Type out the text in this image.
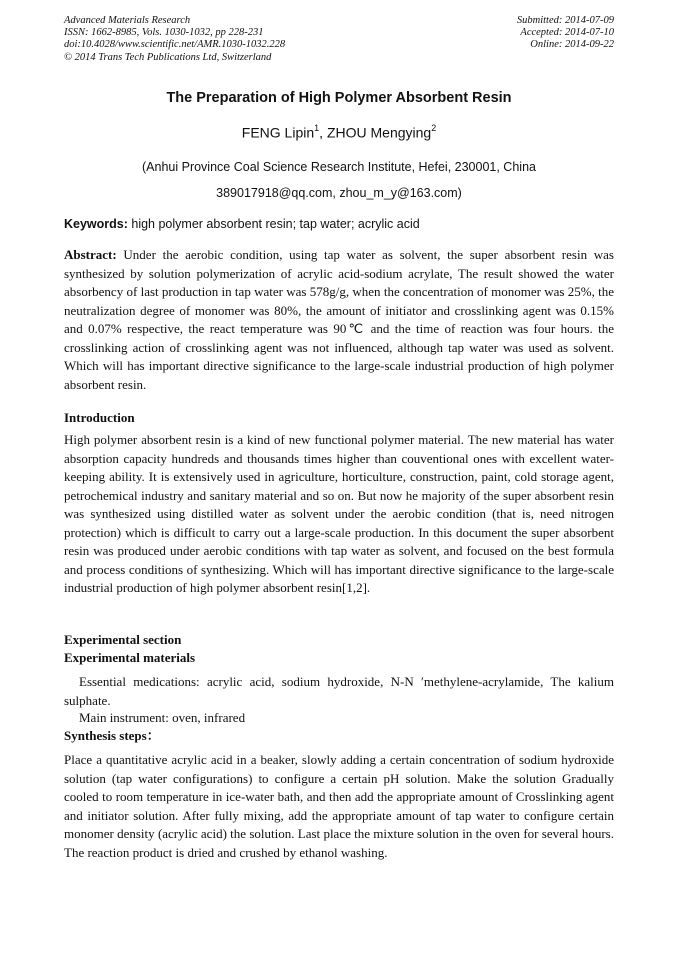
Advanced Materials Research
ISSN: 1662-8985, Vols. 1030-1032, pp 228-231
doi:10.4028/www.scientific.net/AMR.1030-1032.228
© 2014 Trans Tech Publications Ltd, Switzerland
Submitted: 2014-07-09
Accepted: 2014-07-10
Online: 2014-09-22
The Preparation of High Polymer Absorbent Resin
FENG Lipin$^1$, ZHOU Mengying$^2$
(Anhui Province Coal Science Research Institute, Hefei, 230001, China
389017918@qq.com, zhou_m_y@163.com)
Keywords: high polymer absorbent resin; tap water; acrylic acid
Abstract: Under the aerobic condition, using tap water as solvent, the super absorbent resin was synthesized by solution polymerization of acrylic acid-sodium acrylate, The result showed the water absorbency of last production in tap water was 578g/g, when the concentration of monomer was 25%, the neutralization degree of monomer was 80%, the amount of initiator and crosslinking agent was 0.15% and 0.07% respective, the react temperature was 90℃ and the time of reaction was four hours. the crosslinking action of crosslinking agent was not influenced, although tap water was used as solvent. Which will has important directive significance to the large-scale industrial production of high polymer absorbent resin.
Introduction
High polymer absorbent resin is a kind of new functional polymer material. The new material has water absorption capacity hundreds and thousands times higher than couventional ones with excellent water-keeping ability. It is extensively used in agriculture, horticulture, construction, paint, cold storage agent, petrochemical industry and sanitary material and so on. But now he majority of the super absorbent resin was synthesized using distilled water as solvent under the aerobic condition (that is, need nitrogen protection) which is difficult to carry out a large-scale production. In this document the super absorbent resin was produced under aerobic conditions with tap water as solvent, and focused on the best formula and process conditions of synthesizing. Which will has important directive significance to the large-scale industrial production of high polymer absorbent resin[1,2].
Experimental section
Experimental materials
Essential medications: acrylic acid, sodium hydroxide, N-N ′methylene-acrylamide, The kalium sulphate.
Main instrument: oven, infrared
Synthesis steps：
Place a quantitative acrylic acid in a beaker, slowly adding a certain concentration of sodium hydroxide solution (tap water configurations) to configure a certain pH solution. Make the solution Gradually cooled to room temperature in ice-water bath, and then add the appropriate amount of Crosslinking agent and initiator solution. After fully mixing, add the appropriate amount of tap water to configure certain monomer density (acrylic acid) the solution. Last place the mixture solution in the oven for several hours. The reaction product is dried and crushed by ethanol washing.
